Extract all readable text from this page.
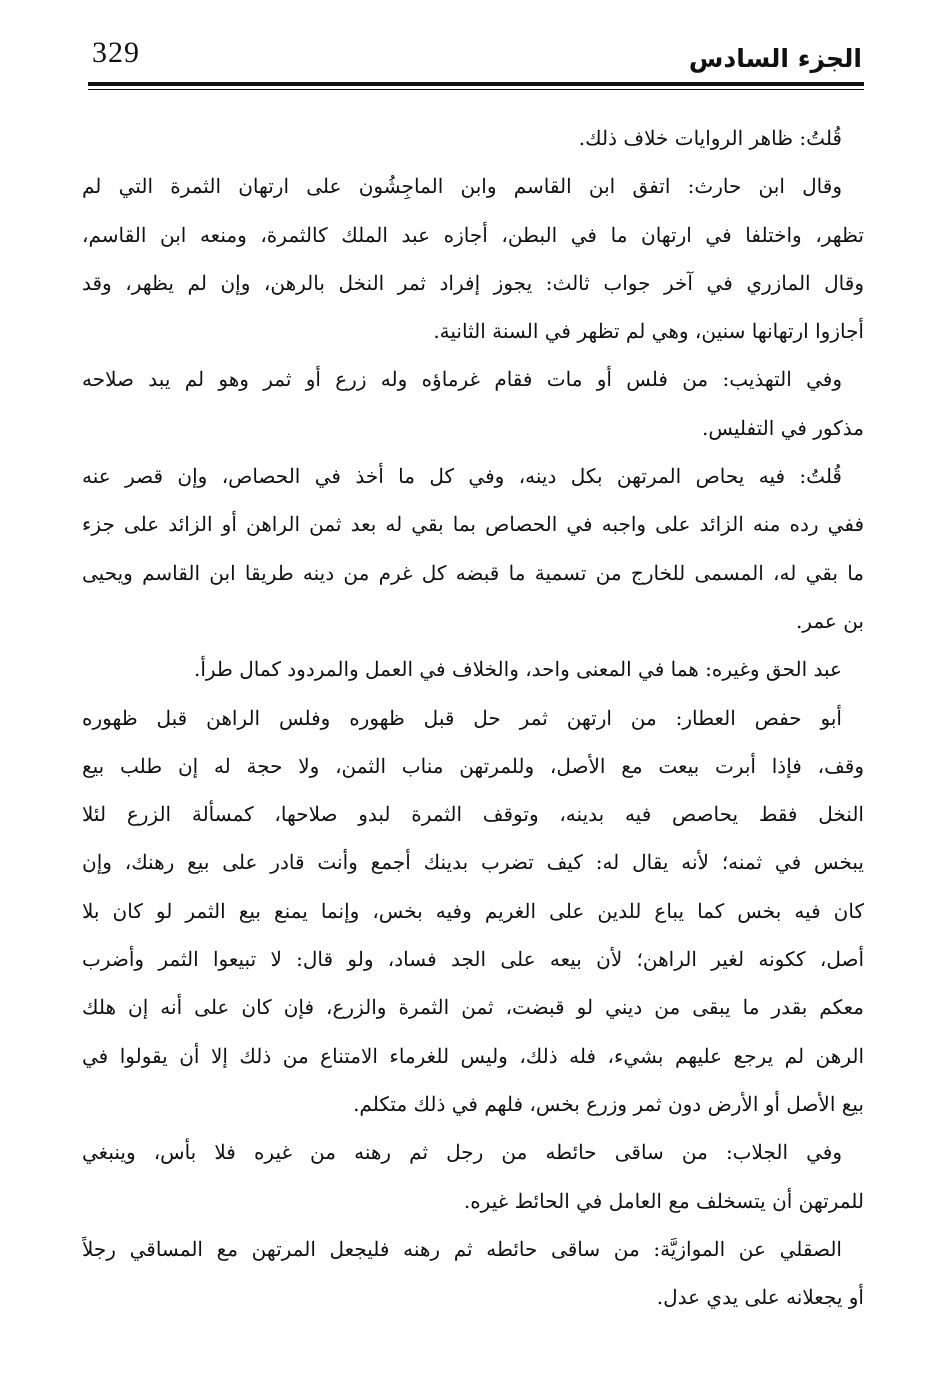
329	الجزء السادس
قُلتُ: ظاهر الروايات خلاف ذلك.
وقال ابن حارث: اتفق ابن القاسم وابن الماجِشُون على ارتهان الثمرة التي لم
تظهر، واختلفا في ارتهان ما في البطن، أجازه عبد الملك كالثمرة، ومنعه ابن القاسم،
وقال المازري في آخر جواب ثالث: يجوز إفراد ثمر النخل بالرهن، وإن لم يظهر، وقد
أجازوا ارتهانها سنين، وهي لم تظهر في السنة الثانية.
وفي التهذيب: من فلس أو مات فقام غرماؤه وله زرع أو ثمر وهو لم يبد صلاحه
مذكور في التفليس.
قُلتُ: فيه يحاص المرتهن بكل دينه، وفي كل ما أخذ في الحصاص، وإن قصر عنه
ففي رده منه الزائد على واجبه في الحصاص بما بقي له بعد ثمن الراهن أو الزائد على جزء
ما بقي له، المسمى للخارج من تسمية ما قبضه كل غرم من دينه طريقا ابن القاسم ويحيى
بن عمر.
عبد الحق وغيره: هما في المعنى واحد، والخلاف في العمل والمردود كمال طرأ.
أبو حفص العطار: من ارتهن ثمر حل قبل ظهوره وفلس الراهن قبل ظهوره
وقف، فإذا أبرت بيعت مع الأصل، وللمرتهن مناب الثمن، ولا حجة له إن طلب بيع
النخل فقط يحاصص فيه بدينه، وتوقف الثمرة لبدو صلاحها، كمسألة الزرع لئلا
يبخس في ثمنه؛ لأنه يقال له: كيف تضرب بدينك أجمع وأنت قادر على بيع رهنك، وإن
كان فيه بخس كما يباع للدين على الغريم وفيه بخس، وإنما يمنع بيع الثمر لو كان بلا
أصل، ككونه لغير الراهن؛ لأن بيعه على الجد فساد، ولو قال: لا تبيعوا الثمر وأضرب
معكم بقدر ما يبقى من ديني لو قبضت، ثمن الثمرة والزرع، فإن كان على أنه إن هلك
الرهن لم يرجع عليهم بشيء، فله ذلك، وليس للغرماء الامتناع من ذلك إلا أن يقولوا في
بيع الأصل أو الأرض دون ثمر وزرع بخس، فلهم في ذلك متكلم.
وفي الجلاب: من ساقى حائطه من رجل ثم رهنه من غيره فلا بأس، وينبغي
للمرتهن أن يتسخلف مع العامل في الحائط غيره.
الصقلي عن الموازيَّة: من ساقى حائطه ثم رهنه فليجعل المرتهن مع المساقي رجلاً
أو يجعلانه على يدي عدل.
